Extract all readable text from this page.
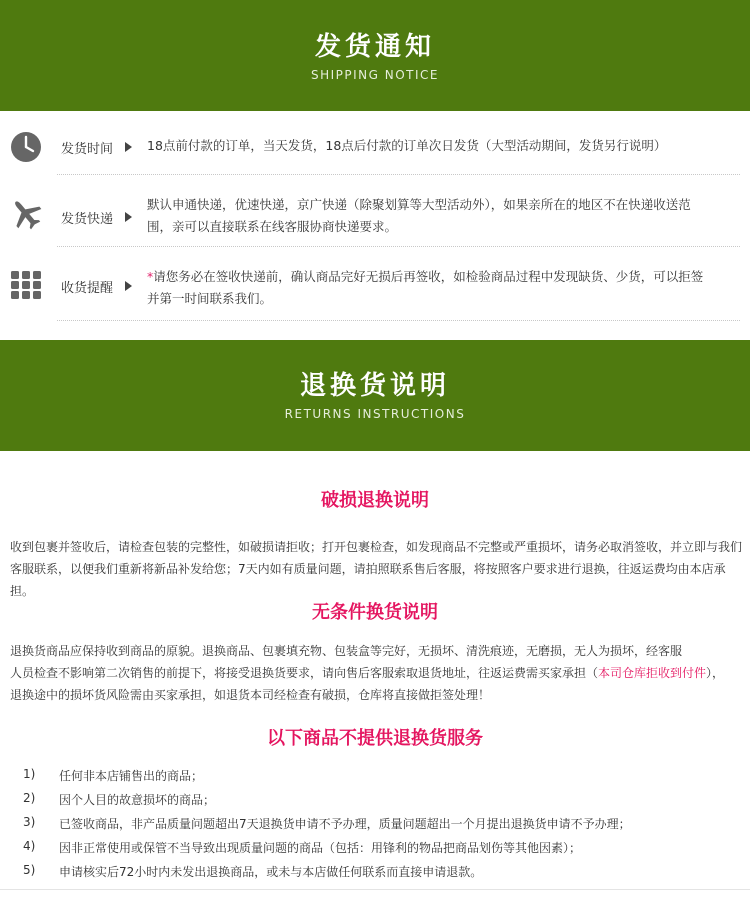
发货通知
SHIPPING NOTICE
发货时间	18点前付款的订单，当天发货，18点后付款的订单次日发货（大型活动期间，发货另行说明）
发货快递
默认申通快递，优速快递，京广快递（除聚划算等大型活动外），如果亲所在的地区不在快递收送范围，亲可以直接联系在线客服协商快递要求。
收货提醒
*请您务必在签收快递前，确认商品完好无损后再签收，如检验商品过程中发现缺货、少货，可以拒签并第一时间联系我们。
退换货说明
RETURNS INSTRUCTIONS
破损退换说明
收到包裹并签收后，请检查包装的完整性，如破损请拒收；打开包裹检查，如发现商品不完整或严重损坏，请务必取消签收，并立即与我们客服联系，以便我们重新将新品补发给您；7天内如有质量问题，请拍照联系售后客服，将按照客户要求进行退换，往返运费均由本店承担。
无条件换货说明
退换货商品应保持收到商品的原貌。退换商品、包裹填充物、包装盒等完好，无损坏、清洗痕迹，无磨损，无人为损坏，经客服
人员检查不影响第二次销售的前提下，将接受退换货要求，请向售后客服索取退货地址，往返运费需买家承担（本司仓库拒收到付件），
退换途中的损坏货风险需由买家承担，如退货本司经检查有破损，仓库将直接做拒签处理！
以下商品不提供退换货服务
1) 任何非本店铺售出的商品；
2) 因个人目的故意损坏的商品；
3) 已签收商品，非产品质量问题超出7天退换货申请不予办理，质量问题超出一个月提出退换货申请不予办理；
4) 因非正常使用或保管不当导致出现质量问题的商品（包括：用锋利的物品把商品划伤等其他因素）；
5) 申请核实后72小时内未发出退换商品，或未与本店做任何联系而直接申请退款。
